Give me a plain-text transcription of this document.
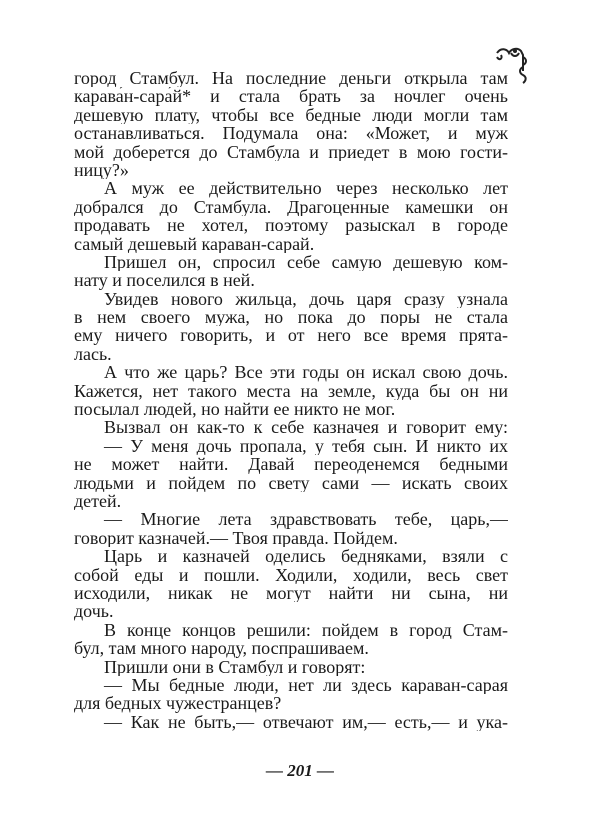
город Стамбул. На последние деньги открыла там
карава́н-сара́й* и стала брать за ночлег очень
дешевую плату, чтобы все бедные люди могли там
останавливаться. Подумала она: «Может, и муж
мой доберется до Стамбула и приедет в мою гости-
ницу?»
А муж ее действительно через несколько лет
добрался до Стамбула. Драгоценные камешки он
продавать не хотел, поэтому разыскал в городе
самый дешевый караван-сарай.
Пришел он, спросил себе самую дешевую ком-
нату и поселился в ней.
Увидев нового жильца, дочь царя сразу узнала
в нем своего мужа, но пока до поры не стала
ему ничего говорить, и от него все время прята-
лась.
А что же царь? Все эти годы он искал свою дочь.
Кажется, нет такого места на земле, куда бы он ни
посылал людей, но найти ее никто не мог.
Вызвал он как-то к себе казначея и говорит ему:
— У меня дочь пропала, у тебя сын. И никто их
не может найти. Давай переоденемся бедными
людьми и пойдем по свету сами — искать своих
детей.
— Многие лета здравствовать тебе, царь,—
говорит казначей.— Твоя правда. Пойдем.
Царь и казначей оделись бедняками, взяли с
собой еды и пошли. Ходили, ходили, весь свет
исходили, никак не могут найти ни сына, ни
дочь.
В конце концов решили: пойдем в город Стам-
бул, там много народу, поспрашиваем.
Пришли они в Стамбул и говорят:
— Мы бедные люди, нет ли здесь караван-сарая
для бедных чужестранцев?
— Как не быть,— отвечают им,— есть,— и ука-
— 201 —
